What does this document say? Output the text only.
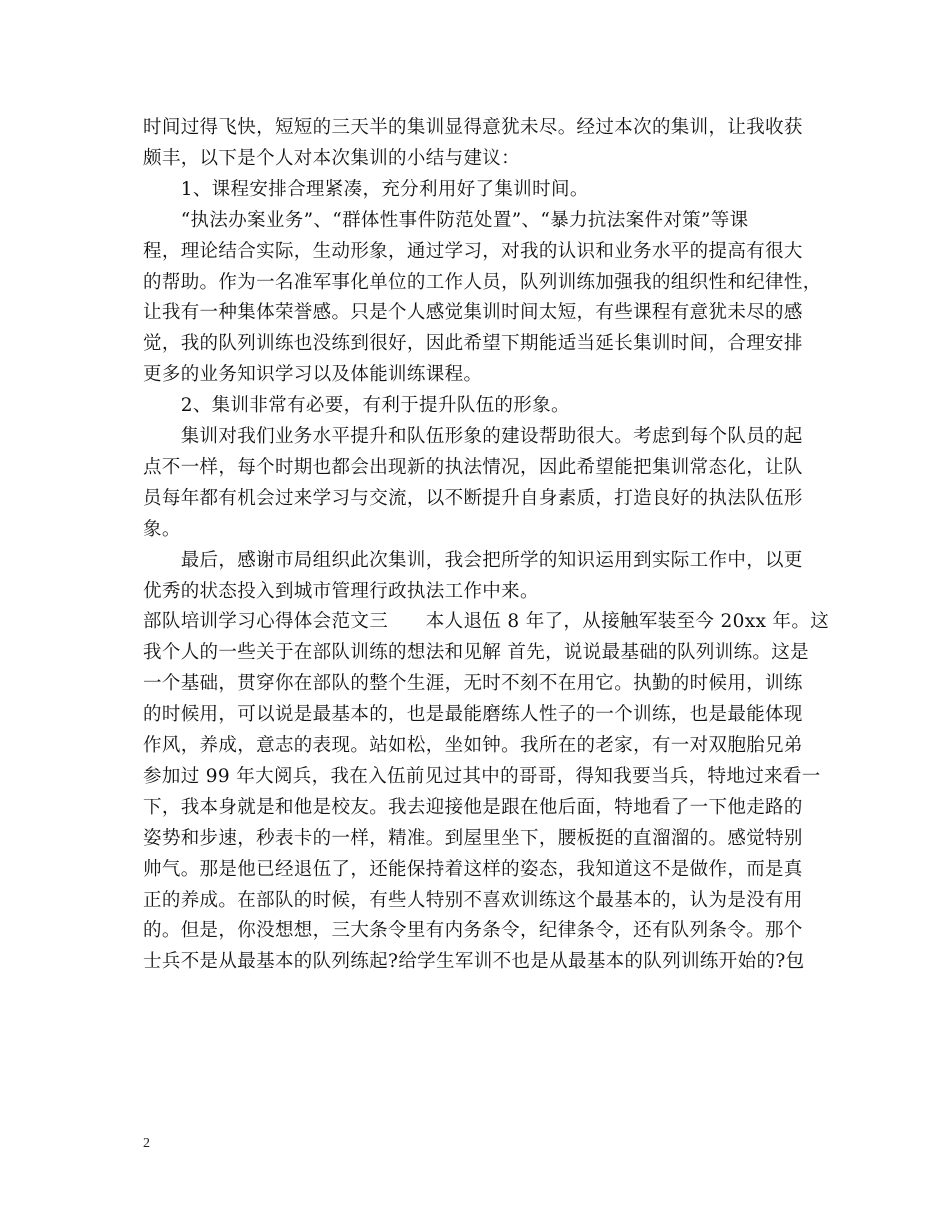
时间过得飞快，短短的三天半的集训显得意犹未尽。经过本次的集训，让我收获
颇丰，以下是个人对本次集训的小结与建议：
　　1、课程安排合理紧凑，充分利用好了集训时间。
　　“执法办案业务”、“群体性事件防范处置”、“暴力抗法案件对策”等课
程，理论结合实际，生动形象，通过学习，对我的认识和业务水平的提高有很大
的帮助。作为一名准军事化单位的工作人员，队列训练加强我的组织性和纪律性，
让我有一种集体荣誉感。只是个人感觉集训时间太短，有些课程有意犹未尽的感
觉，我的队列训练也没练到很好，因此希望下期能适当延长集训时间，合理安排
更多的业务知识学习以及体能训练课程。
　　2、集训非常有必要，有利于提升队伍的形象。
　　集训对我们业务水平提升和队伍形象的建设帮助很大。考虑到每个队员的起
点不一样，每个时期也都会出现新的执法情况，因此希望能把集训常态化，让队
员每年都有机会过来学习与交流，以不断提升自身素质，打造良好的执法队伍形
象。
　　最后，感谢市局组织此次集训，我会把所学的知识运用到实际工作中，以更
优秀的状态投入到城市管理行政执法工作中来。
部队培训学习心得体会范文三　　本人退伍 8 年了，从接触军装至今 20xx 年。这
我个人的一些关于在部队训练的想法和见解 首先，说说最基础的队列训练。这是
一个基础，贯穿你在部队的整个生涯，无时不刻不在用它。执勤的时候用，训练
的时候用，可以说是最基本的，也是最能磨练人性子的一个训练，也是最能体现
作风，养成，意志的表现。站如松，坐如钟。我所在的老家，有一对双胞胎兄弟
参加过 99 年大阅兵，我在入伍前见过其中的哥哥，得知我要当兵，特地过来看一
下，我本身就是和他是校友。我去迎接他是跟在他后面，特地看了一下他走路的
姿势和步速，秒表卡的一样，精准。到屋里坐下，腰板挺的直溜溜的。感觉特别
帅气。那是他已经退伍了，还能保持着这样的姿态，我知道这不是做作，而是真
正的养成。在部队的时候，有些人特别不喜欢训练这个最基本的，认为是没有用
的。但是，你没想想，三大条令里有内务条令，纪律条令，还有队列条令。那个
士兵不是从最基本的队列练起?给学生军训不也是从最基本的队列训练开始的?包
2
